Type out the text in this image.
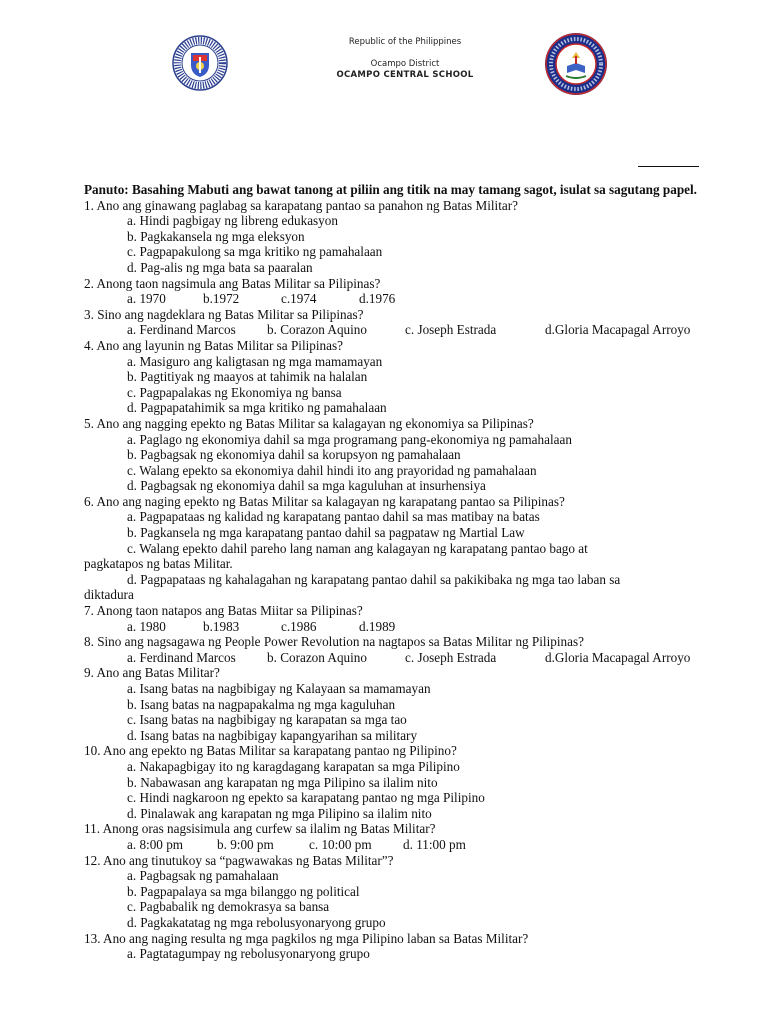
Republic of the Philippines
Ocampo District
OCAMPO CENTRAL SCHOOL
Panuto: Basahing Mabuti ang bawat tanong at piliin ang titik na may tamang sagot, isulat sa sagutang papel.
1. Ano ang ginawang paglabag sa karapatang pantao sa panahon ng Batas Militar?
a. Hindi pagbigay ng libreng edukasyon
b. Pagkakansela ng mga eleksyon
c. Pagpapakulong sa mga kritiko ng pamahalaan
d. Pag-alis ng mga bata sa paaralan
2. Anong taon nagsimula ang Batas Militar sa Pilipinas?
a. 1970	b.1972	c.1974	d.1976
3. Sino ang nagdeklara ng Batas Militar sa Pilipinas?
a. Ferdinand Marcos	b. Corazon Aquino	c. Joseph Estrada	d.Gloria Macapagal Arroyo
4. Ano ang layunin ng Batas Militar sa Pilipinas?
a. Masiguro ang kaligtasan ng mga mamamayan
b. Pagtitiyak ng maayos at tahimik na halalan
c. Pagpapalakas ng Ekonomiya ng bansa
d. Pagpapatahimik sa mga kritiko ng pamahalaan
5. Ano ang nagging epekto ng Batas Militar sa kalagayan ng ekonomiya sa Pilipinas?
a. Paglago ng ekonomiya dahil sa mga programang pang-ekonomiya ng pamahalaan
b. Pagbagsak ng ekonomiya dahil sa korupsyon ng pamahalaan
c. Walang epekto sa ekonomiya dahil hindi ito ang prayoridad ng pamahalaan
d. Pagbagsak ng ekonomiya dahil sa mga kaguluhan at insurhensiya
6. Ano ang naging epekto ng Batas Militar sa kalagayan ng karapatang pantao sa Pilipinas?
a. Pagpapataas ng kalidad ng karapatang pantao dahil sa mas matibay na batas
b. Pagkansela ng mga karapatang pantao dahil sa pagpataw ng Martial Law
c. Walang epekto dahil pareho lang naman ang kalagayan ng karapatang pantao bago at
pagkatapos ng batas Militar.
d. Pagpapataas ng kahalagahan ng karapatang pantao dahil sa pakikibaka ng mga tao laban sa
diktadura
7. Anong taon natapos ang Batas Miitar sa Pilipinas?
a. 1980	b.1983	c.1986	d.1989
8. Sino ang nagsagawa ng People Power Revolution na nagtapos sa Batas Militar ng Pilipinas?
a. Ferdinand Marcos	b. Corazon Aquino	c. Joseph Estrada	d.Gloria Macapagal Arroyo
9. Ano ang Batas Militar?
a. Isang batas na nagbibigay ng Kalayaan sa mamamayan
b. Isang batas na nagpapakalma ng mga kaguluhan
c. Isang batas na nagbibigay ng karapatan sa mga tao
d. Isang batas na nagbibigay kapangyarihan sa military
10. Ano ang epekto ng Batas Militar sa karapatang pantao ng Pilipino?
a. Nakapagbigay ito ng karagdagang karapatan sa mga Pilipino
b. Nabawasan ang karapatan ng mga Pilipino sa ilalim nito
c. Hindi nagkaroon ng epekto sa karapatang pantao ng mga Pilipino
d. Pinalawak ang karapatan ng mga Pilipino sa ilalim nito
11. Anong oras nagsisimula ang curfew sa ilalim ng Batas Militar?
a. 8:00 pm	b. 9:00 pm	c. 10:00 pm	d. 11:00 pm
12. Ano ang tinutukoy sa “pagwawakas ng Batas Militar”?
a. Pagbagsak ng pamahalaan
b. Pagpapalaya sa mga bilanggo ng political
c. Pagbabalik ng demokrasya sa bansa
d. Pagkakatatag ng mga rebolusyonaryong grupo
13. Ano ang naging resulta ng mga pagkilos ng mga Pilipino laban sa Batas Militar?
a. Pagtatagumpay ng rebolusyonaryong grupo
